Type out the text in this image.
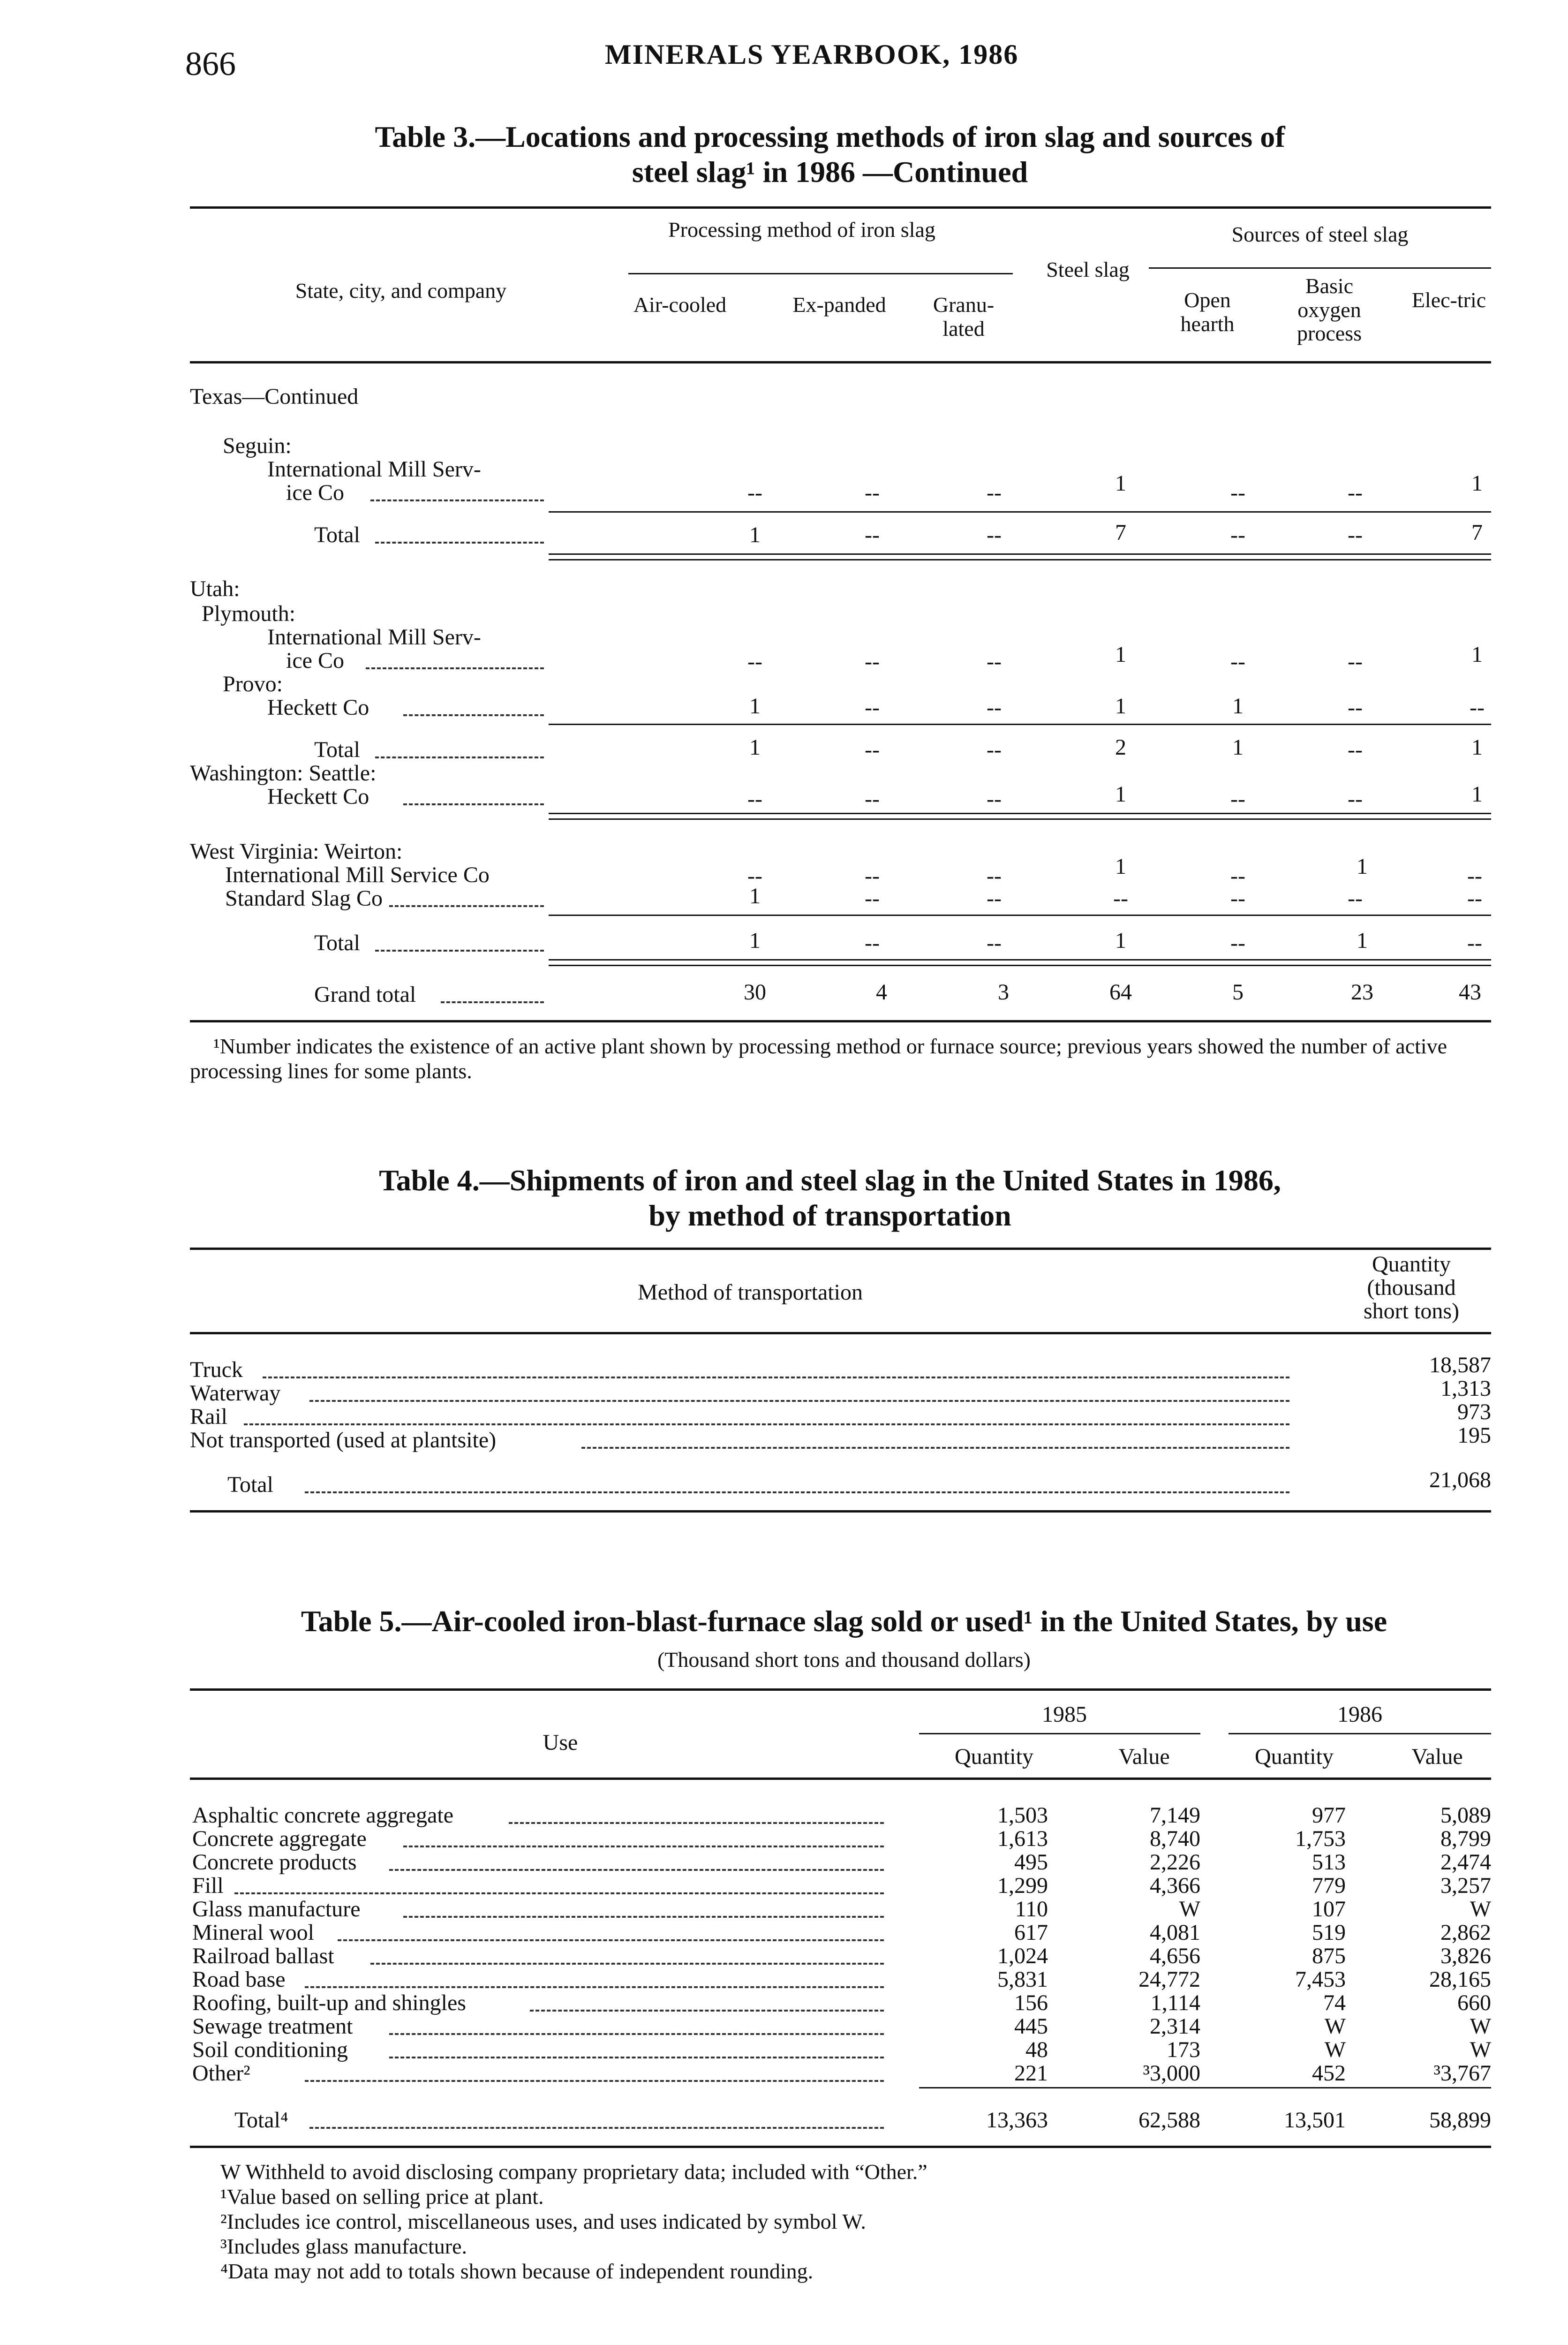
866	MINERALS YEARBOOK, 1986
Table 3.—Locations and processing methods of iron slag and sources of
steel slag¹ in 1986 —Continued
State, city, and company
Processing method of iron slag
Air-cooled	Ex-panded	Granu-lated
Steel slag
Sources of steel slag
Open hearth
Basic oxygen process
Elec-tric
Texas—Continued
Seguin:
International Mill Serv-
ice Co	--	--	--	1	--	--	1
Total	1	--	--	7	--	--	7
Utah:
Plymouth:
International Mill Serv-
ice Co	--	--	--	1	--	--	1
Provo:
Heckett Co	1	--	--	1	1	--	--
Total	1	--	--	2	1	--	1
Washington: Seattle:
Heckett Co	--	--	--	1	--	--	1
West Virginia: Weirton:
International Mill Service Co	--	--	--	1	--	1	--
Standard Slag Co	1	--	--	--	--	--	--
Total	1	--	--	1	--	1	--
Grand total	30	4	3	64	5	23	43
¹Number indicates the existence of an active plant shown by processing method or furnace source; previous years showed the number of active processing lines for some plants.
Table 4.—Shipments of iron and steel slag in the United States in 1986,
by method of transportation
Method of transportation
Quantity
(thousand
short tons)
Truck	18,587
Waterway	1,313
Rail	973
Not transported (used at plantsite)	195
Total	21,068
Table 5.—Air-cooled iron-blast-furnace slag sold or used¹ in the United States, by use
(Thousand short tons and thousand dollars)
Use
1985	1986
Quantity	Value	Quantity	Value
Asphaltic concrete aggregate	1,503	7,149	977	5,089
Concrete aggregate	1,613	8,740	1,753	8,799
Concrete products	495	2,226	513	2,474
Fill	1,299	4,366	779	3,257
Glass manufacture	110	W	107	W
Mineral wool	617	4,081	519	2,862
Railroad ballast	1,024	4,656	875	3,826
Road base	5,831	24,772	7,453	28,165
Roofing, built-up and shingles	156	1,114	74	660
Sewage treatment	445	2,314	W	W
Soil conditioning	48	173	W	W
Other²	221	³3,000	452	³3,767
Total⁴	13,363	62,588	13,501	58,899
W Withheld to avoid disclosing company proprietary data; included with “Other.”
¹Value based on selling price at plant.
²Includes ice control, miscellaneous uses, and uses indicated by symbol W.
³Includes glass manufacture.
⁴Data may not add to totals shown because of independent rounding.
